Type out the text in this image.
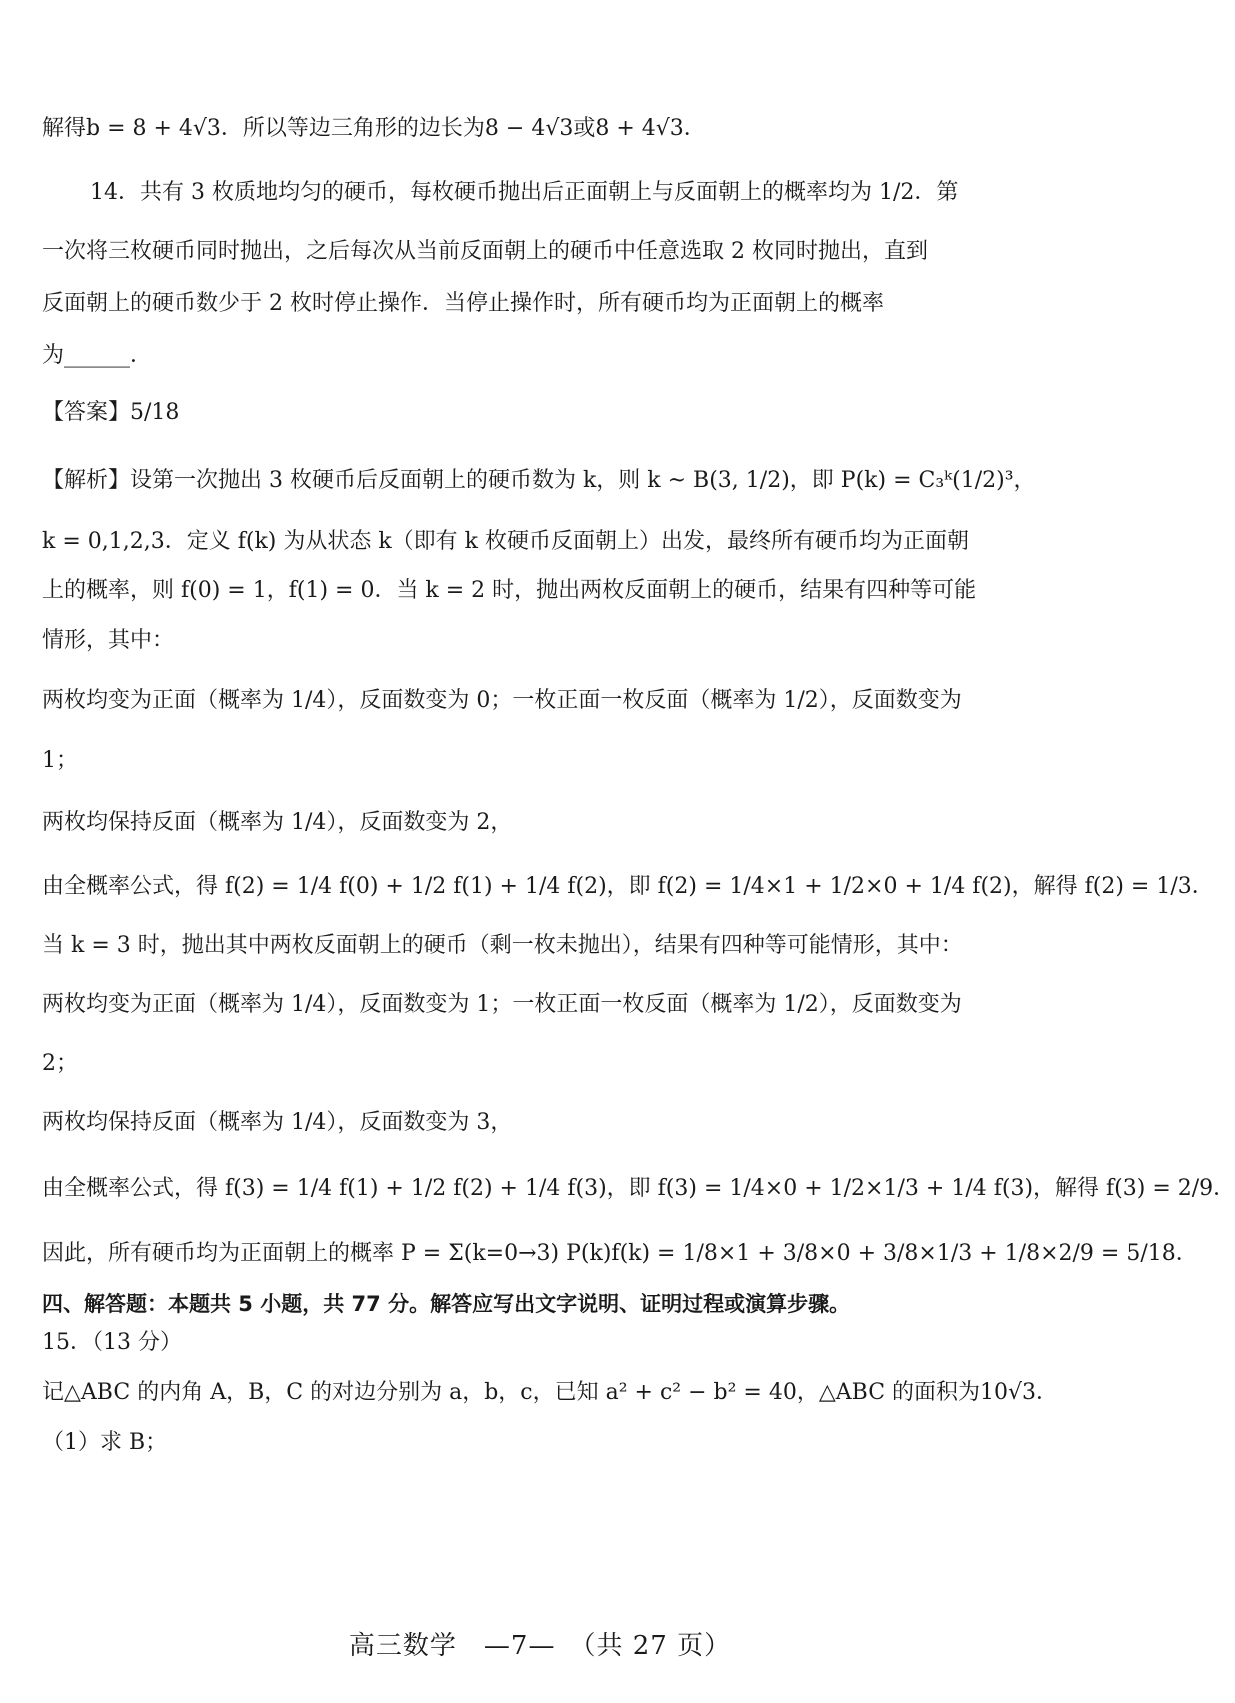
解得b = 8 + 4√3．所以等边三角形的边长为8 − 4√3或8 + 4√3．
14．共有 3 枚质地均匀的硬币，每枚硬币抛出后正面朝上与反面朝上的概率均为 1/2．第
一次将三枚硬币同时抛出，之后每次从当前反面朝上的硬币中任意选取 2 枚同时抛出，直到
反面朝上的硬币数少于 2 枚时停止操作．当停止操作时，所有硬币均为正面朝上的概率
为______．
【答案】5/18
【解析】设第一次抛出 3 枚硬币后反面朝上的硬币数为 k，则 k ~ B(3, 1/2)，即 P(k) = C₃ᵏ(1/2)³，
k = 0,1,2,3．定义 f(k) 为从状态 k（即有 k 枚硬币反面朝上）出发，最终所有硬币均为正面朝
上的概率，则 f(0) = 1，f(1) = 0．当 k = 2 时，抛出两枚反面朝上的硬币，结果有四种等可能
情形，其中：
两枚均变为正面（概率为 1/4），反面数变为 0；一枚正面一枚反面（概率为 1/2），反面数变为
1；
两枚均保持反面（概率为 1/4），反面数变为 2，
由全概率公式，得 f(2) = 1/4 f(0) + 1/2 f(1) + 1/4 f(2)，即 f(2) = 1/4×1 + 1/2×0 + 1/4 f(2)，解得 f(2) = 1/3．
当 k = 3 时，抛出其中两枚反面朝上的硬币（剩一枚未抛出），结果有四种等可能情形，其中：
两枚均变为正面（概率为 1/4），反面数变为 1；一枚正面一枚反面（概率为 1/2），反面数变为
2；
两枚均保持反面（概率为 1/4），反面数变为 3，
由全概率公式，得 f(3) = 1/4 f(1) + 1/2 f(2) + 1/4 f(3)，即 f(3) = 1/4×0 + 1/2×1/3 + 1/4 f(3)，解得 f(3) = 2/9．
因此，所有硬币均为正面朝上的概率 P = Σ(k=0→3) P(k)f(k) = 1/8×1 + 3/8×0 + 3/8×1/3 + 1/8×2/9 = 5/18．
四、解答题：本题共 5 小题，共 77 分。解答应写出文字说明、证明过程或演算步骤。
15．（13 分）
记△ABC 的内角 A，B，C 的对边分别为 a，b，c，已知 a² + c² − b² = 40，△ABC 的面积为10√3．
（1）求 B；
高三数学　—7—　（共 27 页）
